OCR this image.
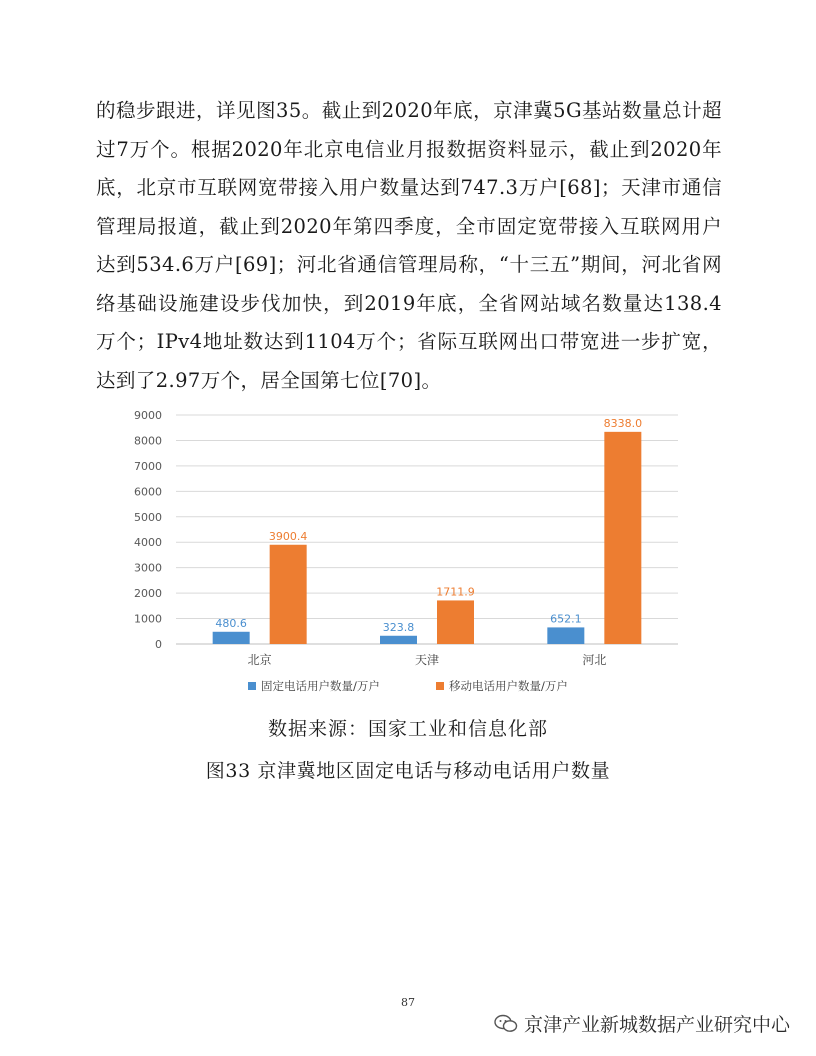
的稳步跟进，详见图35。截止到2020年底，京津冀5G基站数量总计超过7万个。根据2020年北京电信业月报数据资料显示，截止到2020年底，北京市互联网宽带接入用户数量达到747.3万户[68]；天津市通信管理局报道，截止到2020年第四季度，全市固定宽带接入互联网用户达到534.6万户[69]；河北省通信管理局称，“十三五”期间，河北省网络基础设施建设步伐加快，到2019年底，全省网站域名数量达138.4万个；IPv4地址数达到1104万个；省际互联网出口带宽进一步扩宽，达到了2.97万个，居全国第七位[70]。

0
1000
2000
3000
4000
5000
6000
7000
8000
9000
480.6
3900.4
北京
323.8
1711.9
天津
652.1
8338.0
河北
固定电话用户数量/万户	移动电话用户数量/万户
数据来源：国家工业和信息化部
图33 京津冀地区固定电话与移动电话用户数量
87
京津产业新城数据产业研究中心
